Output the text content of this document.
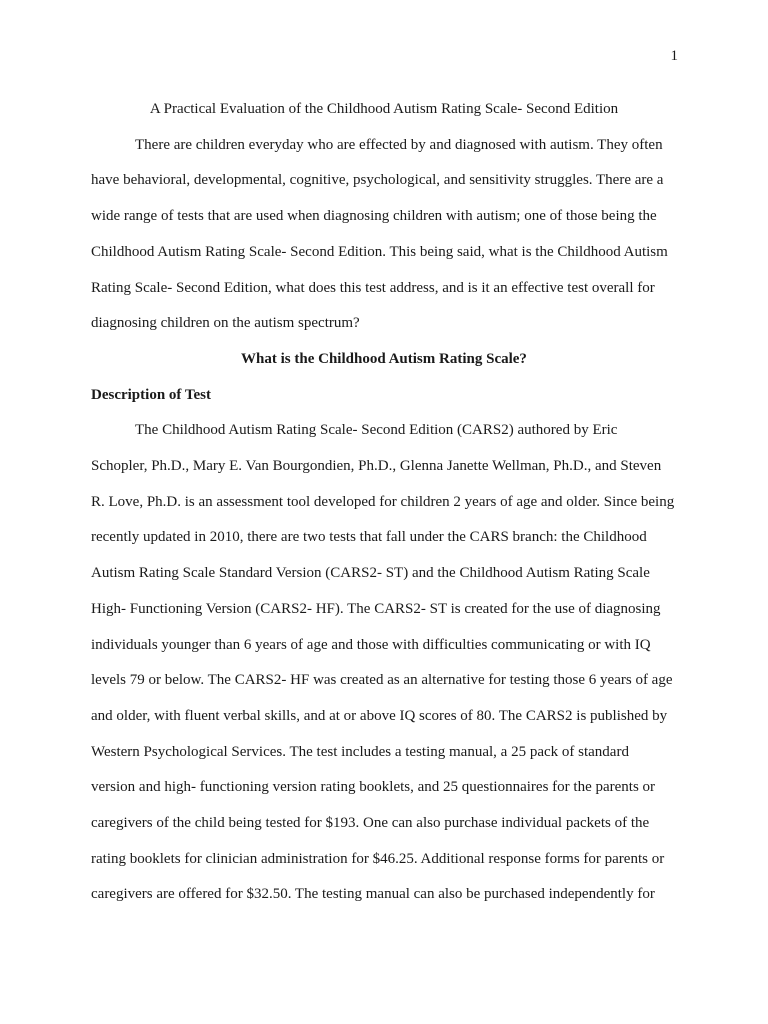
1
A Practical Evaluation of the Childhood Autism Rating Scale- Second Edition
There are children everyday who are effected by and diagnosed with autism. They often
have behavioral, developmental, cognitive, psychological, and sensitivity struggles. There are a
wide range of tests that are used when diagnosing children with autism; one of those being the
Childhood Autism Rating Scale- Second Edition. This being said, what is the Childhood Autism
Rating Scale- Second Edition, what does this test address, and is it an effective test overall for
diagnosing children on the autism spectrum?
What is the Childhood Autism Rating Scale?
Description of Test
The Childhood Autism Rating Scale- Second Edition (CARS2) authored by Eric
Schopler, Ph.D., Mary E. Van Bourgondien, Ph.D., Glenna Janette Wellman, Ph.D., and Steven
R. Love, Ph.D. is an assessment tool developed for children 2 years of age and older. Since being
recently updated in 2010, there are two tests that fall under the CARS branch: the Childhood
Autism Rating Scale Standard Version (CARS2- ST) and the Childhood Autism Rating Scale
High- Functioning Version (CARS2- HF). The CARS2- ST is created for the use of diagnosing
individuals younger than 6 years of age and those with difficulties communicating or with IQ
levels 79 or below. The CARS2- HF was created as an alternative for testing those 6 years of age
and older, with fluent verbal skills, and at or above IQ scores of 80. The CARS2 is published by
Western Psychological Services. The test includes a testing manual, a 25 pack of standard
version and high- functioning version rating booklets, and 25 questionnaires for the parents or
caregivers of the child being tested for $193. One can also purchase individual packets of the
rating booklets for clinician administration for $46.25. Additional response forms for parents or
caregivers are offered for $32.50. The testing manual can also be purchased independently for
